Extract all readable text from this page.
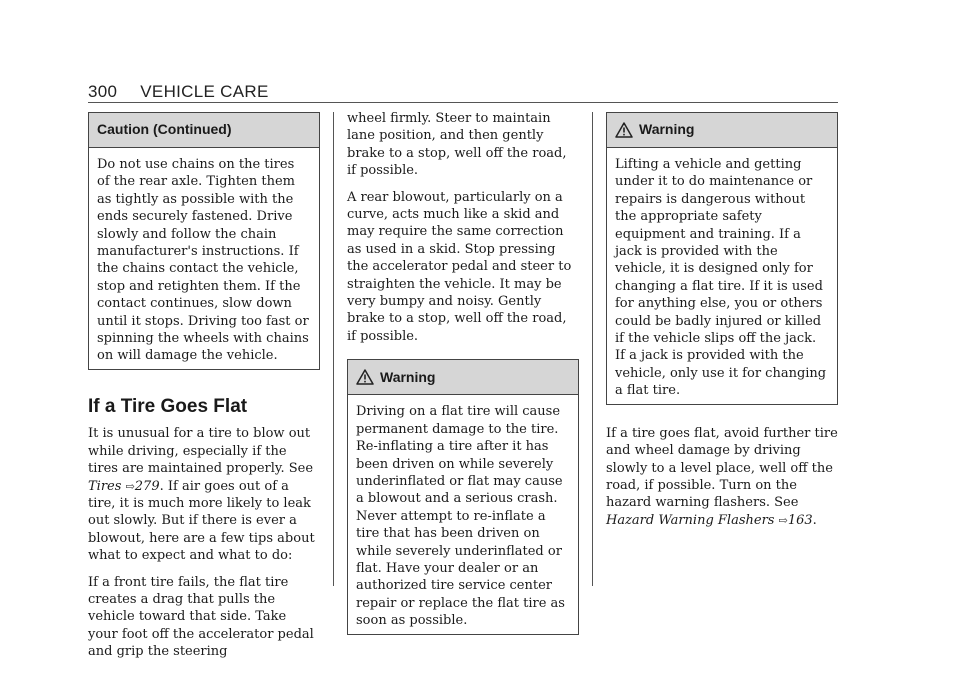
300 VEHICLE CARE
Caution (Continued)

Do not use chains on the tires of the rear axle. Tighten them as tightly as possible with the ends securely fastened. Drive slowly and follow the chain manufacturer's instructions. If the chains contact the vehicle, stop and retighten them. If the contact continues, slow down until it stops. Driving too fast or spinning the wheels with chains on will damage the vehicle.

If a Tire Goes Flat

It is unusual for a tire to blow out while driving, especially if the tires are maintained properly. See Tires ⇨279. If air goes out of a tire, it is much more likely to leak out slowly. But if there is ever a blowout, here are a few tips about what to expect and what to do:

If a front tire fails, the flat tire creates a drag that pulls the vehicle toward that side. Take your foot off the accelerator pedal and grip the steering

wheel firmly. Steer to maintain lane position, and then gently brake to a stop, well off the road, if possible.

A rear blowout, particularly on a curve, acts much like a skid and may require the same correction as used in a skid. Stop pressing the accelerator pedal and steer to straighten the vehicle. It may be very bumpy and noisy. Gently brake to a stop, well off the road, if possible.

Warning

Driving on a flat tire will cause permanent damage to the tire. Re-inflating a tire after it has been driven on while severely underinflated or flat may cause a blowout and a serious crash. Never attempt to re-inflate a tire that has been driven on while severely underinflated or flat. Have your dealer or an authorized tire service center repair or replace the flat tire as soon as possible.

Warning

Lifting a vehicle and getting under it to do maintenance or repairs is dangerous without the appropriate safety equipment and training. If a jack is provided with the vehicle, it is designed only for changing a flat tire. If it is used for anything else, you or others could be badly injured or killed if the vehicle slips off the jack. If a jack is provided with the vehicle, only use it for changing a flat tire.

If a tire goes flat, avoid further tire and wheel damage by driving slowly to a level place, well off the road, if possible. Turn on the hazard warning flashers. See Hazard Warning Flashers ⇨163.
